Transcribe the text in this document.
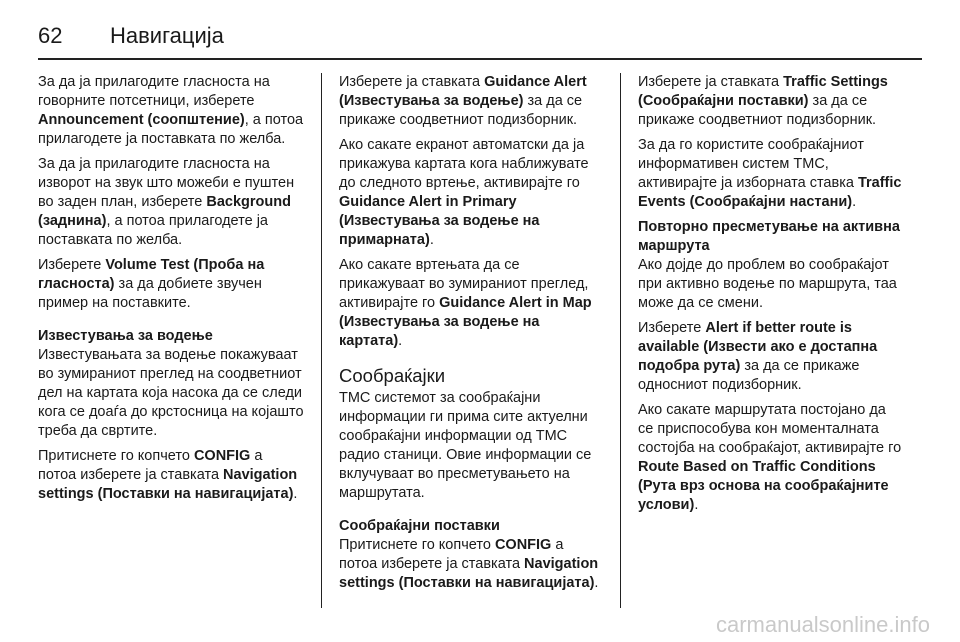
62	Навигација

За да ја прилагодите гласноста на говорните потсетници, изберете Announcement (соопштение), а потоа прилагодете ја поставката по желба.

За да ја прилагодите гласноста на изворот на звук што можеби е пуштен во заден план, изберете Background (заднина), а потоа прилагодете ја поставката по желба.

Изберете Volume Test (Проба на гласноста) за да добиете звучен пример на поставките.

Известувања за водење
Известувањата за водење покажуваат во зумираниот преглед на соодветниот дел на картата која насока да се следи кога се доаѓа до крстосница на којашто треба да свртите.

Притиснете го копчето CONFIG а потоа изберете ја ставката Navigation settings (Поставки на навигацијата).

Изберете ја ставката Guidance Alert (Известувања за водење) за да се прикаже соодветниот подизборник.

Ако сакате екранот автоматски да ја прикажува картата кога наближувате до следното вртење, активирајте го Guidance Alert in Primary (Известувања за водење на примарната).

Ако сакате вртењата да се прикажуваат во зумираниот преглед, активирајте го Guidance Alert in Map (Известувања за водење на картата).

Сообраќајки

TMC системот за сообраќајни информации ги прима сите актуелни сообраќајни информации од TMC радио станици. Овие информации се вклучуваат во пресметувањето на маршрутата.

Сообраќајни поставки
Притиснете го копчето CONFIG а потоа изберете ја ставката Navigation settings (Поставки на навигацијата).

Изберете ја ставката Traffic Settings (Сообраќајни поставки) за да се прикаже соодветниот подизборник.

За да го користите сообраќајниот информативен систем TMC, активирајте ја изборната ставка Traffic Events (Сообраќајни настани).

Повторно пресметување на активна маршрута
Ако дојде до проблем во сообраќајот при активно водење по маршрута, таа може да се смени.

Изберете Alert if better route is available (Извести ако е достапна подобра рута) за да се прикаже односниот подизборник.

Ако сакате маршрутата постојано да се приспособува кон моменталната состојба на сообраќајот, активирајте го Route Based on Traffic Conditions (Рута врз основа на сообраќајните услови).

carmanualsonline.info
